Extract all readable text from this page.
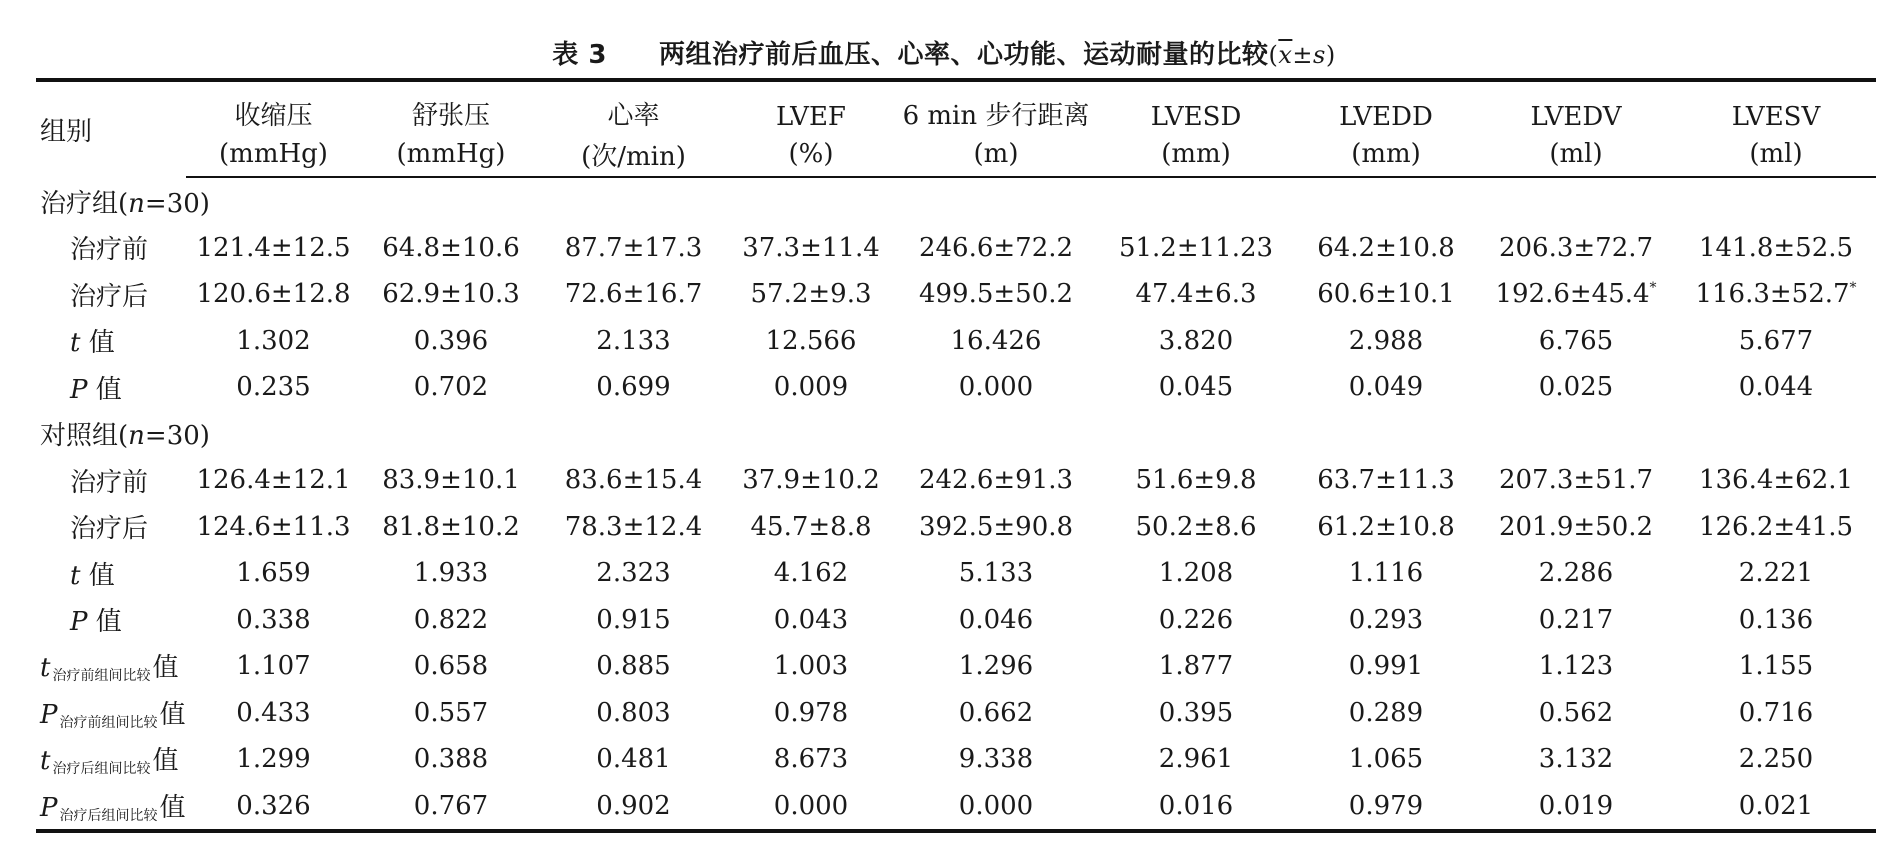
表 3 两组治疗前后血压、心率、心功能、运动耐量的比较$(\overline{x}\pm s)$
组别	收缩压	舒张压	心率	LVEF	6 min 步行距离	LVESD	LVEDD	LVEDV	LVESV
	(mmHg)	(mmHg)	(次/min)	(%)	(m)	(mm)	(mm)	(ml)	(ml)
治疗组(n=30)									
治疗前	121.4±12.5	64.8±10.6	87.7±17.3	37.3±11.4	246.6±72.2	51.2±11.23	64.2±10.8	206.3±72.7	141.8±52.5
治疗后	120.6±12.8	62.9±10.3	72.6±16.7	57.2±9.3	499.5±50.2	47.4±6.3	60.6±10.1	192.6±45.4*	116.3±52.7*
t 值	1.302	0.396	2.133	12.566	16.426	3.820	2.988	6.765	5.677
P 值	0.235	0.702	0.699	0.009	0.000	0.045	0.049	0.025	0.044
对照组(n=30)									
治疗前	126.4±12.1	83.9±10.1	83.6±15.4	37.9±10.2	242.6±91.3	51.6±9.8	63.7±11.3	207.3±51.7	136.4±62.1
治疗后	124.6±11.3	81.8±10.2	78.3±12.4	45.7±8.8	392.5±90.8	50.2±8.6	61.2±10.8	201.9±50.2	126.2±41.5
t 值	1.659	1.933	2.323	4.162	5.133	1.208	1.116	2.286	2.221
P 值	0.338	0.822	0.915	0.043	0.046	0.226	0.293	0.217	0.136
t 治疗前组间比较值	1.107	0.658	0.885	1.003	1.296	1.877	0.991	1.123	1.155
P 治疗前组间比较值	0.433	0.557	0.803	0.978	0.662	0.395	0.289	0.562	0.716
t 治疗后组间比较值	1.299	0.388	0.481	8.673	9.338	2.961	1.065	3.132	2.250
P 治疗后组间比较值	0.326	0.767	0.902	0.000	0.000	0.016	0.979	0.019	0.021
